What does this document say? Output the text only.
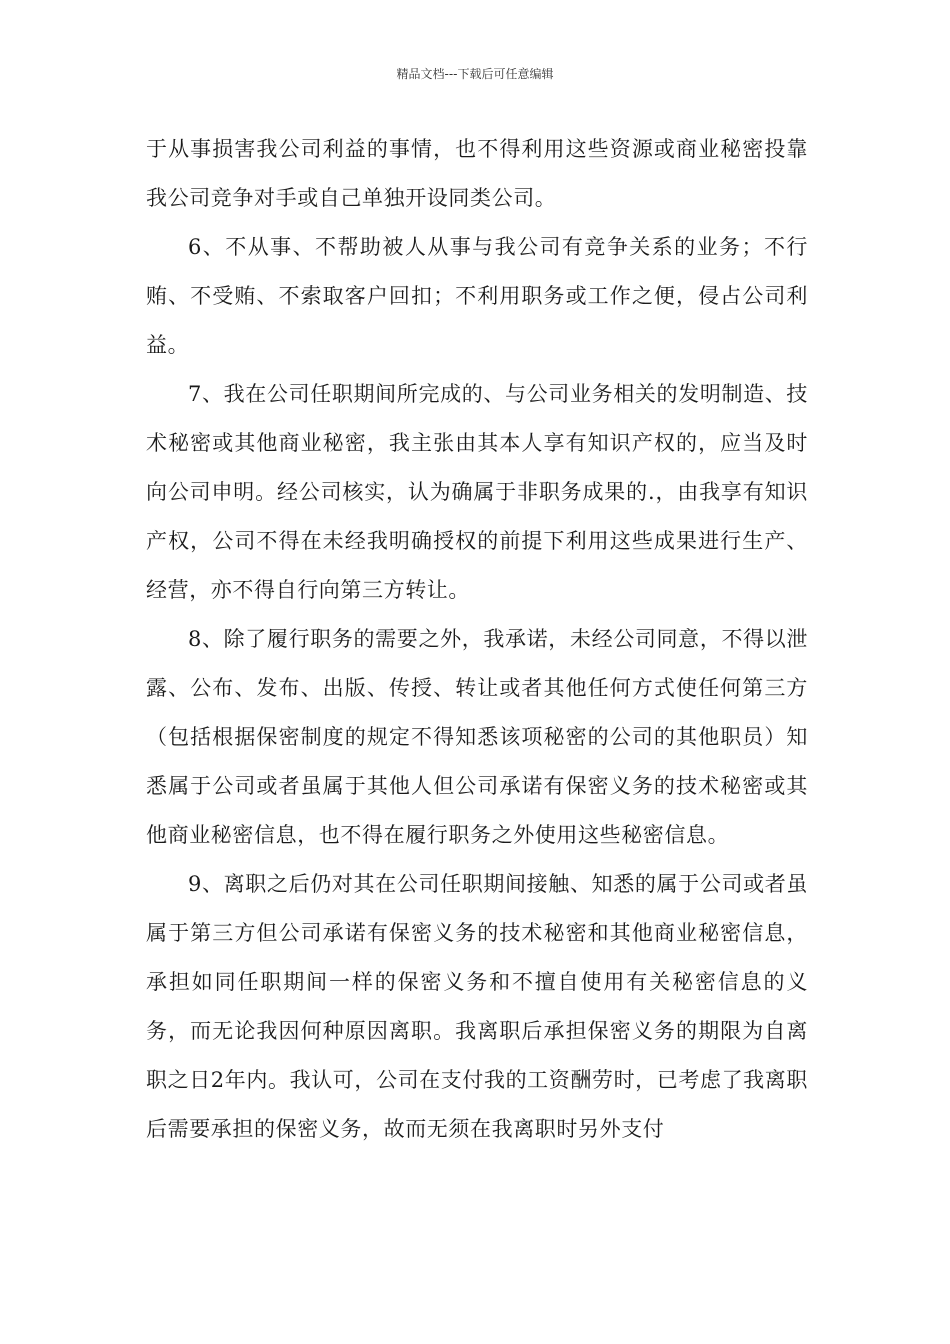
精品文档---下载后可任意编辑

于从事损害我公司利益的事情，也不得利用这些资源或商业秘密投靠我公司竞争对手或自己单独开设同类公司。

6、不从事、不帮助被人从事与我公司有竞争关系的业务；不行贿、不受贿、不索取客户回扣；不利用职务或工作之便，侵占公司利益。

7、我在公司任职期间所完成的、与公司业务相关的发明制造、技术秘密或其他商业秘密，我主张由其本人享有知识产权的，应当及时向公司申明。经公司核实，认为确属于非职务成果的.，由我享有知识产权，公司不得在未经我明确授权的前提下利用这些成果进行生产、经营，亦不得自行向第三方转让。

8、除了履行职务的需要之外，我承诺，未经公司同意，不得以泄露、公布、发布、出版、传授、转让或者其他任何方式使任何第三方（包括根据保密制度的规定不得知悉该项秘密的公司的其他职员）知悉属于公司或者虽属于其他人但公司承诺有保密义务的技术秘密或其他商业秘密信息，也不得在履行职务之外使用这些秘密信息。

9、离职之后仍对其在公司任职期间接触、知悉的属于公司或者虽属于第三方但公司承诺有保密义务的技术秘密和其他商业秘密信息，承担如同任职期间一样的保密义务和不擅自使用有关秘密信息的义务，而无论我因何种原因离职。我离职后承担保密义务的期限为自离职之日2年内。我认可，公司在支付我的工资酬劳时，已考虑了我离职后需要承担的保密义务，故而无须在我离职时另外支付
